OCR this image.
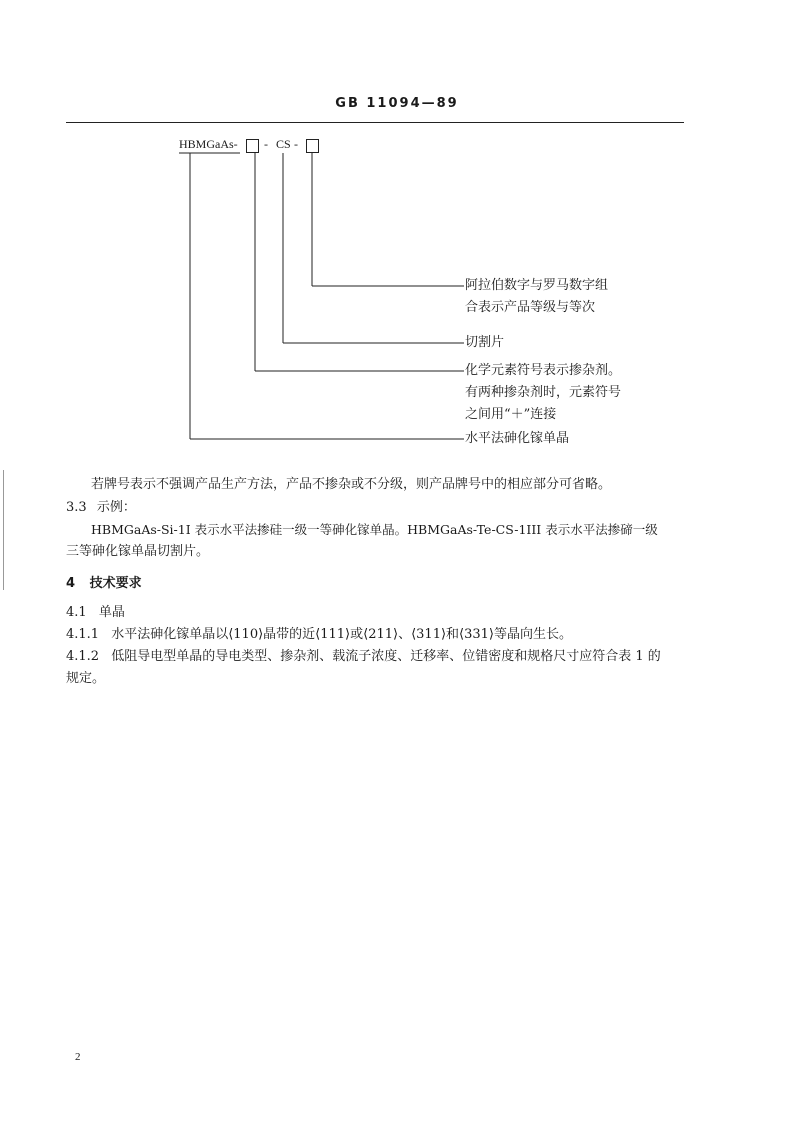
GB 11094—89
HBMGaAs- - CS -
阿拉伯数字与罗马数字组
合表示产品等级与等次
切割片
化学元素符号表示掺杂剂。
有两种掺杂剂时，元素符号
之间用“＋”连接
水平法砷化镓单晶
若牌号表示不强调产品生产方法，产品不掺杂或不分级，则产品牌号中的相应部分可省略。
3.3 示例：
HBMGaAs-Si-1I 表示水平法掺硅一级一等砷化镓单晶。HBMGaAs-Te-CS-1III 表示水平法掺碲一级
三等砷化镓单晶切割片。
4 技术要求
4.1 单晶
4.1.1 水平法砷化镓单晶以⟨110⟩晶带的近⟨111⟩或⟨211⟩、⟨311⟩和⟨331⟩等晶向生长。
4.1.2 低阻导电型单晶的导电类型、掺杂剂、载流子浓度、迁移率、位错密度和规格尺寸应符合表 1 的
规定。
2
